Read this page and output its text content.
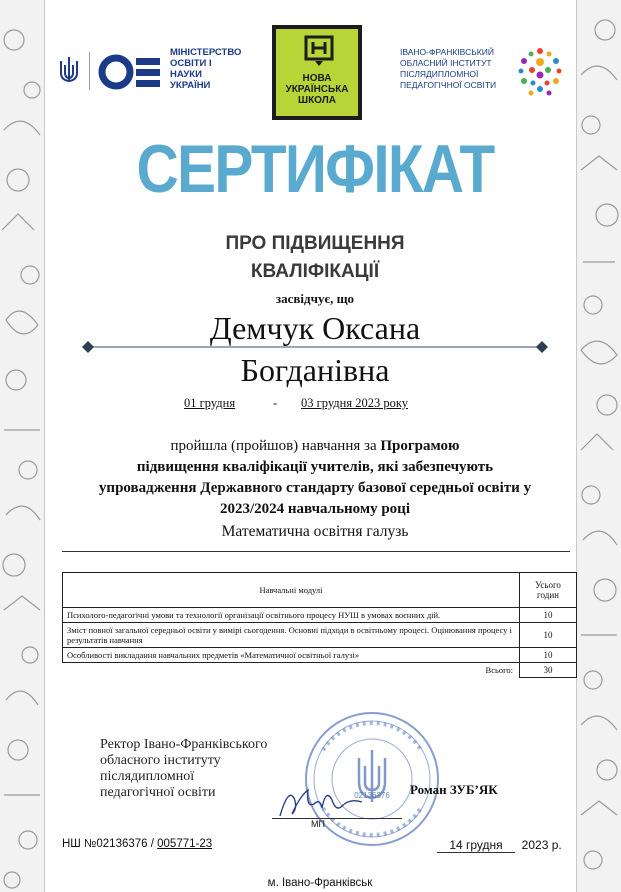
МІНІСТЕРСТВО
ОСВІТИ І
НАУКИ
УКРАЇНИ
НОВА
УКРАЇНСЬКА
ШКОЛА
ІВАНО-ФРАНКІВСЬКИЙ
ОБЛАСНИЙ ІНСТИТУТ
ПІСЛЯДИПЛОМНОЇ
ПЕДАГОГІЧНОЇ ОСВІТИ
СЕРТИФІКАТ
ПРО ПІДВИЩЕННЯ
КВАЛІФІКАЦІЇ
засвідчує, що
Демчук Оксана
Богданівна
01 грудня	- 03 грудня 2023 року
пройшла (пройшов) навчання за Програмою
підвищення кваліфікації учителів, які забезпечують
упровадження Державного стандарту базової середньої освіти у
2023/2024 навчальному році
Математична освітня галузь
Навчальні модулі	Усього годин
Психолого-педагогічні умови та технології організації освітнього процесу НУШ в умовах воєнних дій.	10
Зміст повної загальної середньої освіти у вимірі сьогодення. Основні підходи в освітньому процесі. Оцінювання процесу і результатів навчання	10
Особливості викладання навчальних предметів «Математичної освітньої галузі»	10
Всього:	30
Ректор Івано-Франківського
обласного інституту
післядипломної
педагогічної освіти	02136376 Роман ЗУБ’ЯК
МП
НШ №02136376 / 005771-23	14 грудня 2023 р.
м. Івано-Франківськ
